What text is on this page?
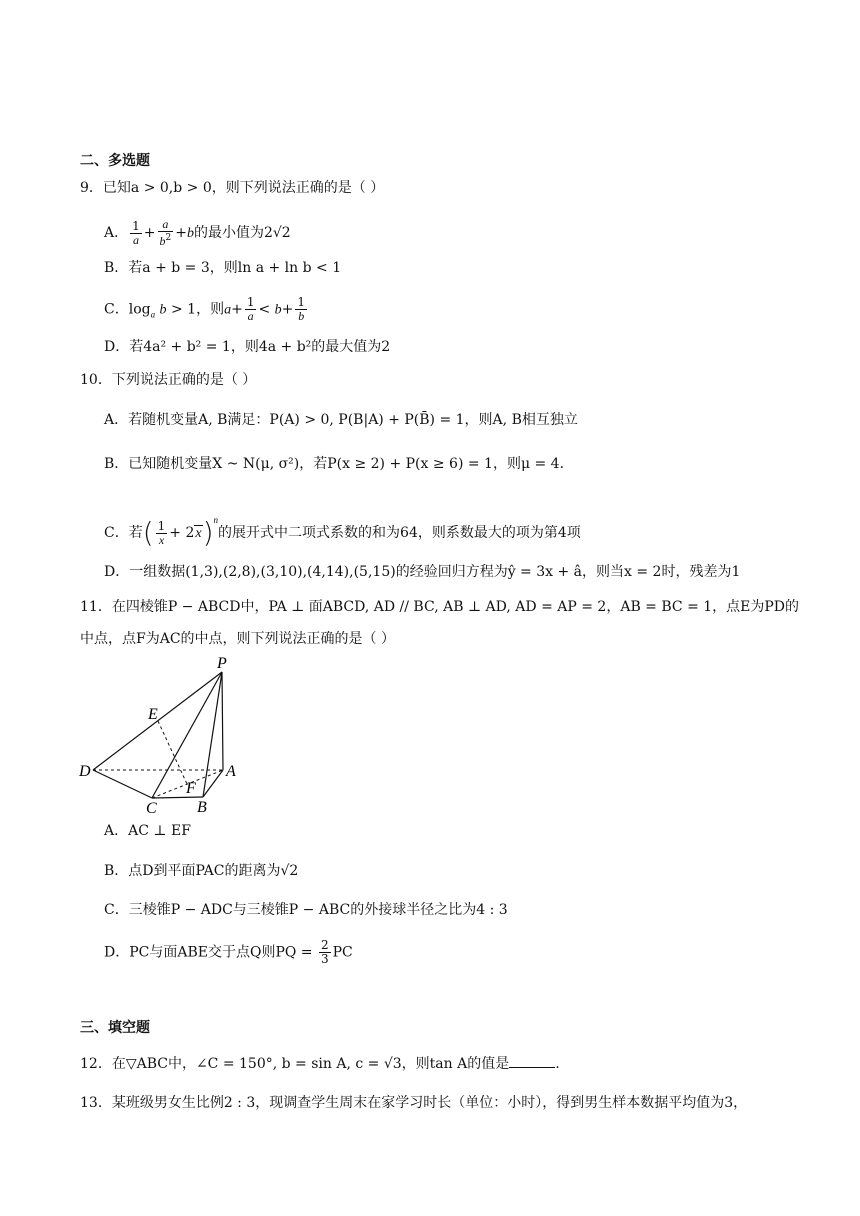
二、多选题
9．已知a > 0,b > 0，则下列说法正确的是（ ）
A． $\frac{1}{a} + \frac{a}{b^2} +b$的最小值为2√2
B．若a + b = 3，则ln a + ln b < 1
C．$\log_a b > 1$，则$a+ \frac{1}{a} < b+ \frac{1}{b}$
D．若4a² + b² = 1，则4a + b²的最大值为2
10．下列说法正确的是（ ）
A．若随机变量A, B满足：P(A) > 0, P(B|A) + P(B̄) = 1，则A, B相互独立
B．已知随机变量X ~ N(μ, σ²)，若P(x ≥ 2) + P(x ≥ 6) = 1，则μ = 4．
C．若( $\frac{1}{x} + 2x)^n$的展开式中二项式系数的和为64，则系数最大的项为第4项
D．一组数据(1,3),(2,8),(3,10),(4,14),(5,15)的经验回归方程为ŷ = 3x + â，则当x = 2时，残差为1
11．在四棱锥P − ABCD中，PA ⊥ 面ABCD, AD // BC, AB ⊥ AD, AD = AP = 2，AB = BC = 1，点E为PD的
中点，点F为AC的中点，则下列说法正确的是（ ）
P
E
D	A
F
C	B
A．AC ⊥ EF
B．点D到平面PAC的距离为√2
C．三棱锥P − ADC与三棱锥P − ABC的外接球半径之比为4 : 3
D．PC与面ABE交于点Q则PQ = $\frac{2}{3}$ PC
三、填空题
12．在▽ABC中，∠C = 150°, b = sin A, c = √3，则tan A的值是	.
13．某班级男女生比例2 : 3，现调查学生周末在家学习时长（单位：小时），得到男生样本数据平均值为3，
